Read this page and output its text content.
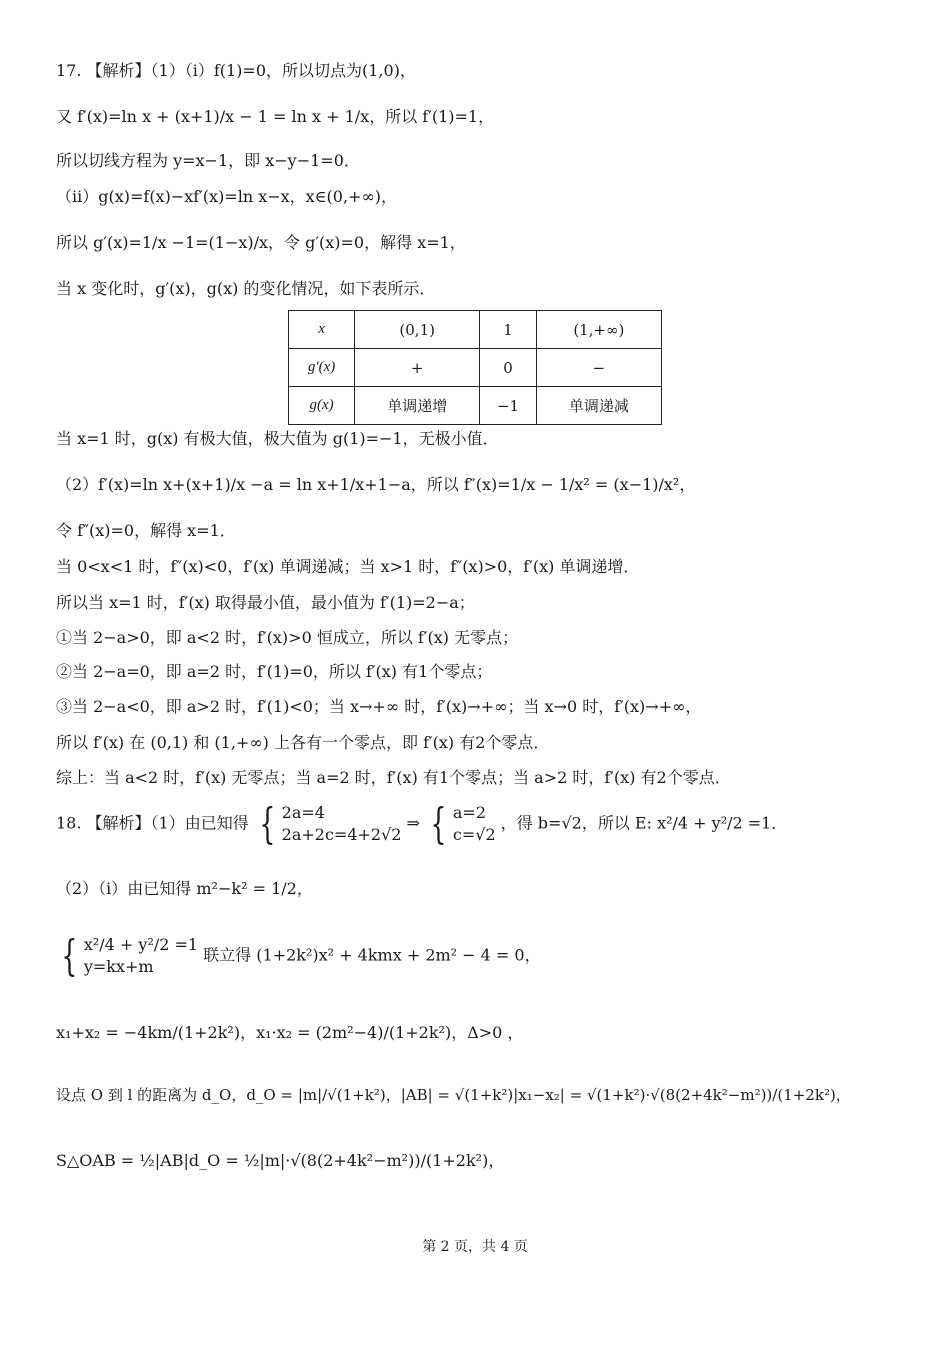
17. 【解析】（1）（i）f(1)=0，所以切点为(1,0)，
又 f′(x)=ln x + (x+1)/x − 1 = ln x + 1/x，所以 f′(1)=1，
所以切线方程为 y=x−1，即 x−y−1=0．
（ii）g(x)=f(x)−xf′(x)=ln x−x，x∈(0,+∞)，
所以 g′(x)=1/x −1=(1−x)/x，令 g′(x)=0，解得 x=1，
当 x 变化时，g′(x)，g(x) 的变化情况，如下表所示．
x	(0,1)	1	(1,+∞)
g′(x)	+	0	−
g(x)	单调递增	−1	单调递减
当 x=1 时，g(x) 有极大值，极大值为 g(1)=−1，无极小值．
（2）f′(x)=ln x+(x+1)/x −a = ln x+1/x+1−a，所以 f″(x)=1/x − 1/x² = (x−1)/x²，
令 f″(x)=0，解得 x=1．
当 0<x<1 时，f″(x)<0，f′(x) 单调递减；当 x>1 时，f″(x)>0，f′(x) 单调递增．
所以当 x=1 时，f′(x) 取得最小值，最小值为 f′(1)=2−a；
①当 2−a>0，即 a<2 时，f′(x)>0 恒成立，所以 f′(x) 无零点；
②当 2−a=0，即 a=2 时，f′(1)=0，所以 f′(x) 有1个零点；
③当 2−a<0，即 a>2 时，f′(1)<0；当 x→+∞ 时，f′(x)→+∞；当 x→0 时，f′(x)→+∞，
所以 f′(x) 在 (0,1) 和 (1,+∞) 上各有一个零点，即 f′(x) 有2个零点．
综上：当 a<2 时，f′(x) 无零点；当 a=2 时，f′(x) 有1个零点；当 a>2 时，f′(x) 有2个零点．
18. 【解析】（1）由已知得 { 2a=4
2a+2c=4+2√2
⇒ { a=2
c=√2
，得 b=√2，所以 E: x²/4 + y²/2 =1．
（2）（i）由已知得 m²−k² = 1/2，
{ x²/4 + y²/2 =1
y=kx+m
联立得 (1+2k²)x² + 4kmx + 2m² − 4 = 0，
x₁+x₂ = −4km/(1+2k²)，x₁·x₂ = (2m²−4)/(1+2k²)，Δ>0 ，
设点 O 到 l 的距离为 d_O，d_O = |m|/√(1+k²)，|AB| = √(1+k²)|x₁−x₂| = √(1+k²)·√(8(2+4k²−m²))/(1+2k²)，
S△OAB = ½|AB|d_O = ½|m|·√(8(2+4k²−m²))/(1+2k²)，
第 2 页，共 4 页
